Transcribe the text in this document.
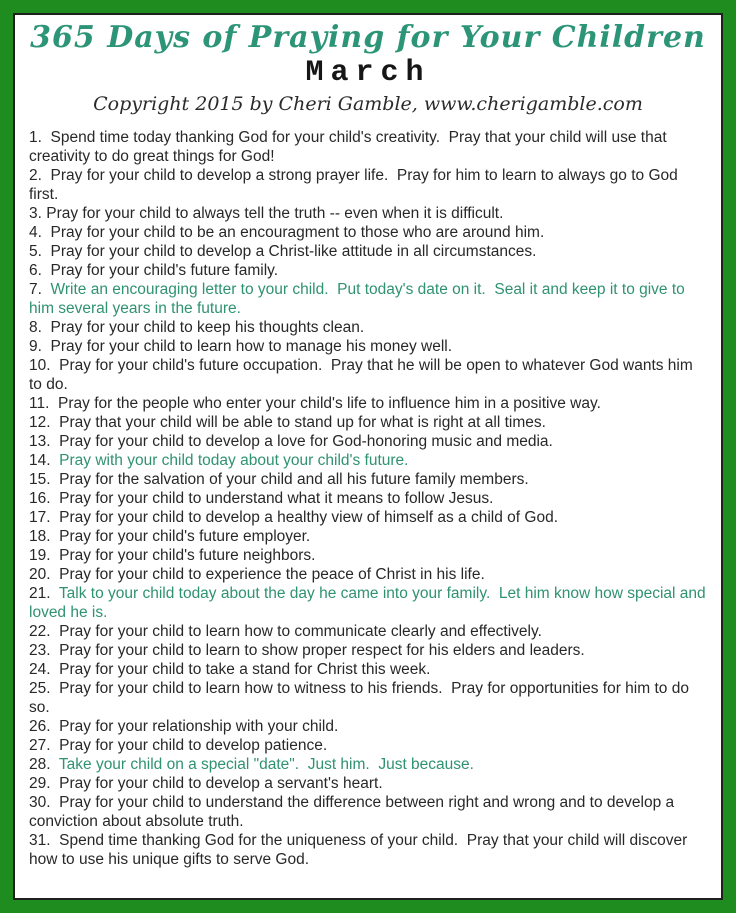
365 Days of Praying for Your Children
March
Copyright 2015 by Cheri Gamble, www.cherigamble.com

1.  Spend time today thanking God for your child's creativity.  Pray that your child will use that creativity to do great things for God!

2.  Pray for your child to develop a strong prayer life.  Pray for him to learn to always go to God first.

3. Pray for your child to always tell the truth -- even when it is difficult.

4.  Pray for your child to be an encouragment to those who are around him.

5.  Pray for your child to develop a Christ-like attitude in all circumstances.

6.  Pray for your child's future family.

7.  Write an encouraging letter to your child.  Put today's date on it.  Seal it and keep it to give to him several years in the future.

8.  Pray for your child to keep his thoughts clean.

9.  Pray for your child to learn how to manage his money well.

10.  Pray for your child's future occupation.  Pray that he will be open to whatever God wants him to do.

11.  Pray for the people who enter your child's life to influence him in a positive way.

12.  Pray that your child will be able to stand up for what is right at all times.

13.  Pray for your child to develop a love for God-honoring music and media.

14.  Pray with your child today about your child's future.

15.  Pray for the salvation of your child and all his future family members.

16.  Pray for your child to understand what it means to follow Jesus.

17.  Pray for your child to develop a healthy view of himself as a child of God.

18.  Pray for your child's future employer.

19.  Pray for your child's future neighbors.

20.  Pray for your child to experience the peace of Christ in his life.

21.  Talk to your child today about the day he came into your family.  Let him know how special and loved he is.

22.  Pray for your child to learn how to communicate clearly and effectively.

23.  Pray for your child to learn to show proper respect for his elders and leaders.

24.  Pray for your child to take a stand for Christ this week.

25.  Pray for your child to learn how to witness to his friends.  Pray for opportunities for him to do so.

26.  Pray for your relationship with your child.

27.  Pray for your child to develop patience.

28.  Take your child on a special "date".  Just him.  Just because.

29.  Pray for your child to develop a servant's heart.

30.  Pray for your child to understand the difference between right and wrong and to develop a conviction about absolute truth.

31.  Spend time thanking God for the uniqueness of your child.  Pray that your child will discover how to use his unique gifts to serve God.
